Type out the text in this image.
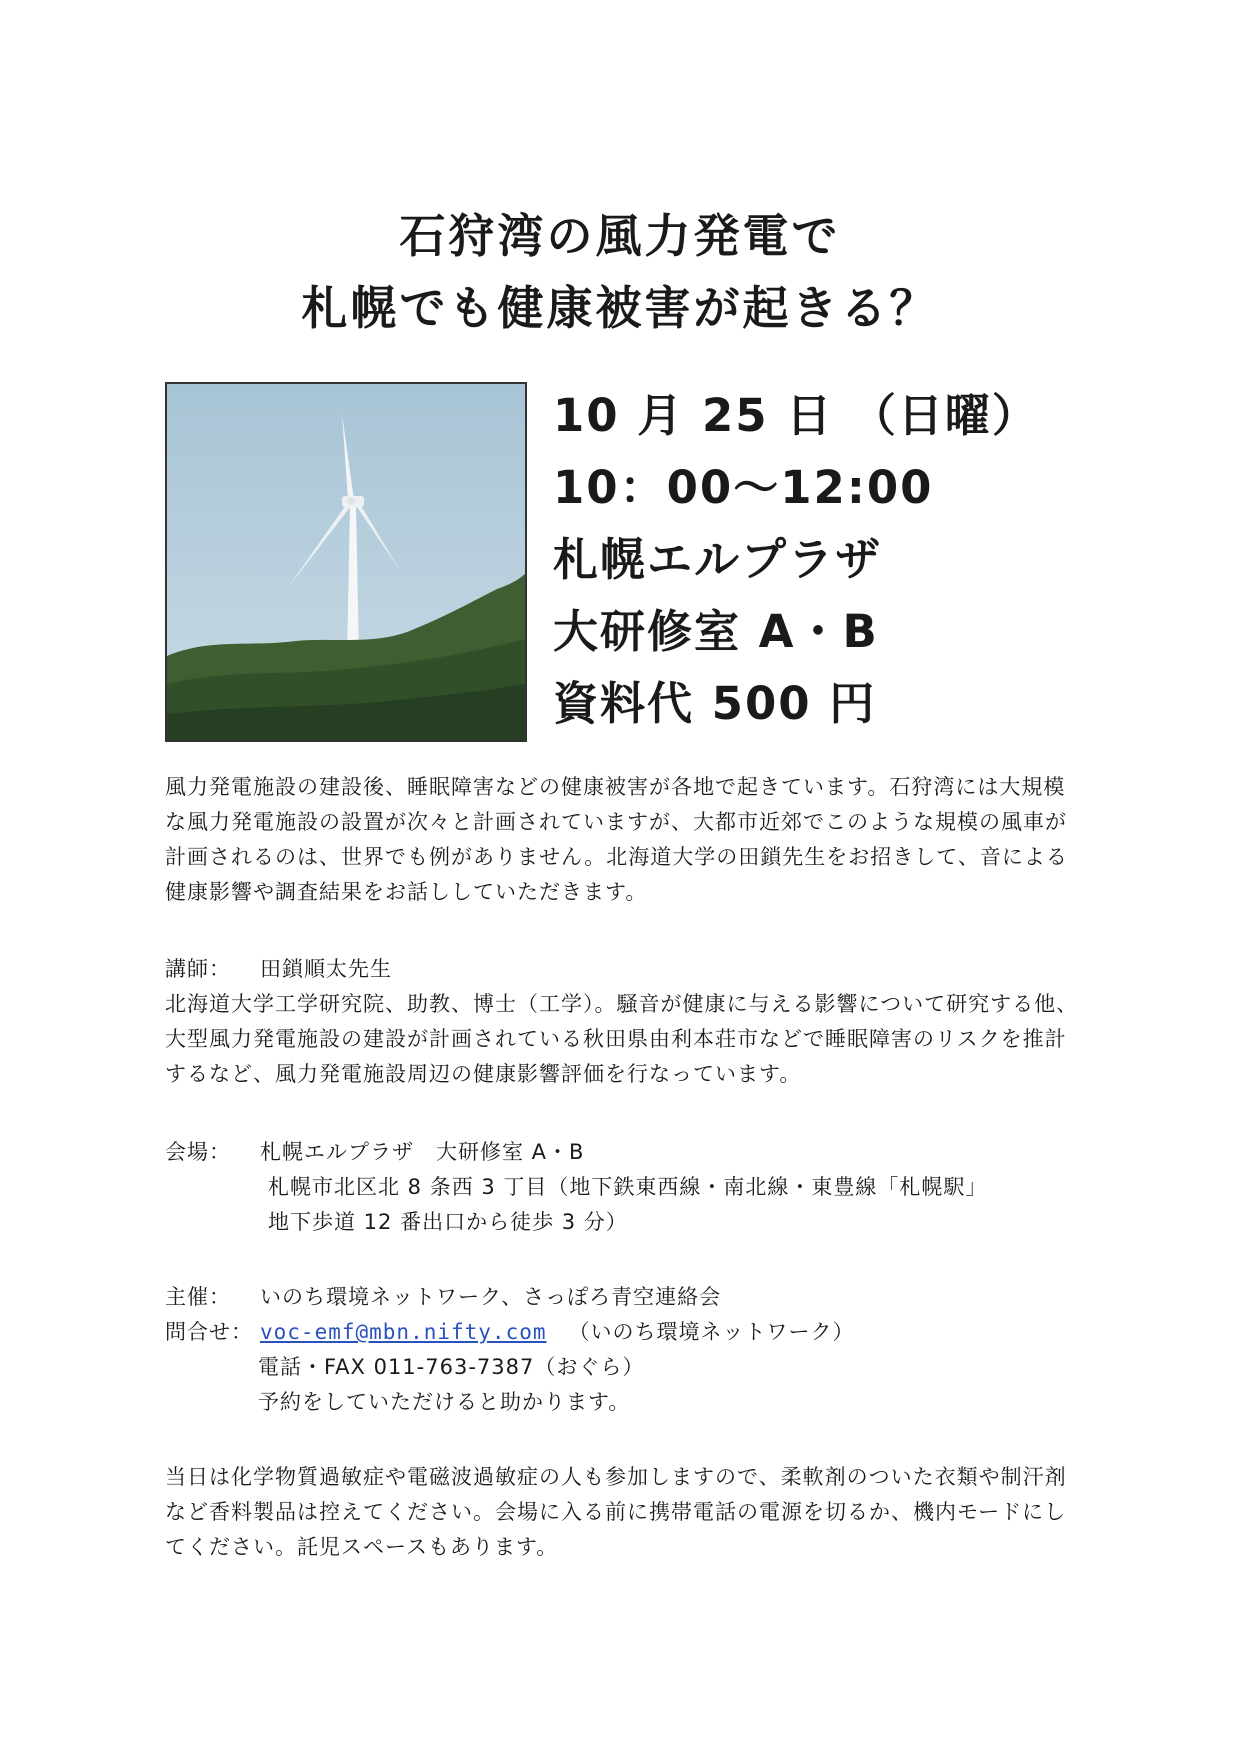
石狩湾の風力発電で
札幌でも健康被害が起きる？
10 月 25 日 （日曜）
10：00～12:00
札幌エルプラザ
大研修室 A・B
資料代 500 円

風力発電施設の建設後、睡眠障害などの健康被害が各地で起きています。石狩湾には大規模な風力発電施設の設置が次々と計画されていますが、大都市近郊でこのような規模の風車が計画されるのは、世界でも例がありません。北海道大学の田鎖先生をお招きして、音による健康影響や調査結果をお話ししていただきます。

講師： 田鎖順太先生

北海道大学工学研究院、助教、博士（工学）。騒音が健康に与える影響について研究する他、大型風力発電施設の建設が計画されている秋田県由利本荘市などで睡眠障害のリスクを推計するなど、風力発電施設周辺の健康影響評価を行なっています。

会場： 札幌エルプラザ　大研修室 A・B
札幌市北区北 8 条西 3 丁目（地下鉄東西線・南北線・東豊線「札幌駅」
地下歩道 12 番出口から徒歩 3 分）
主催： いのち環境ネットワーク、さっぽろ青空連絡会
問合せ： voc-emf@mbn.nifty.com （いのち環境ネットワーク）
電話・FAX 011-763-7387（おぐら）
予約をしていただけると助かります。

当日は化学物質過敏症や電磁波過敏症の人も参加しますので、柔軟剤のついた衣類や制汗剤など香料製品は控えてください。会場に入る前に携帯電話の電源を切るか、機内モードにしてください。託児スペースもあります。
